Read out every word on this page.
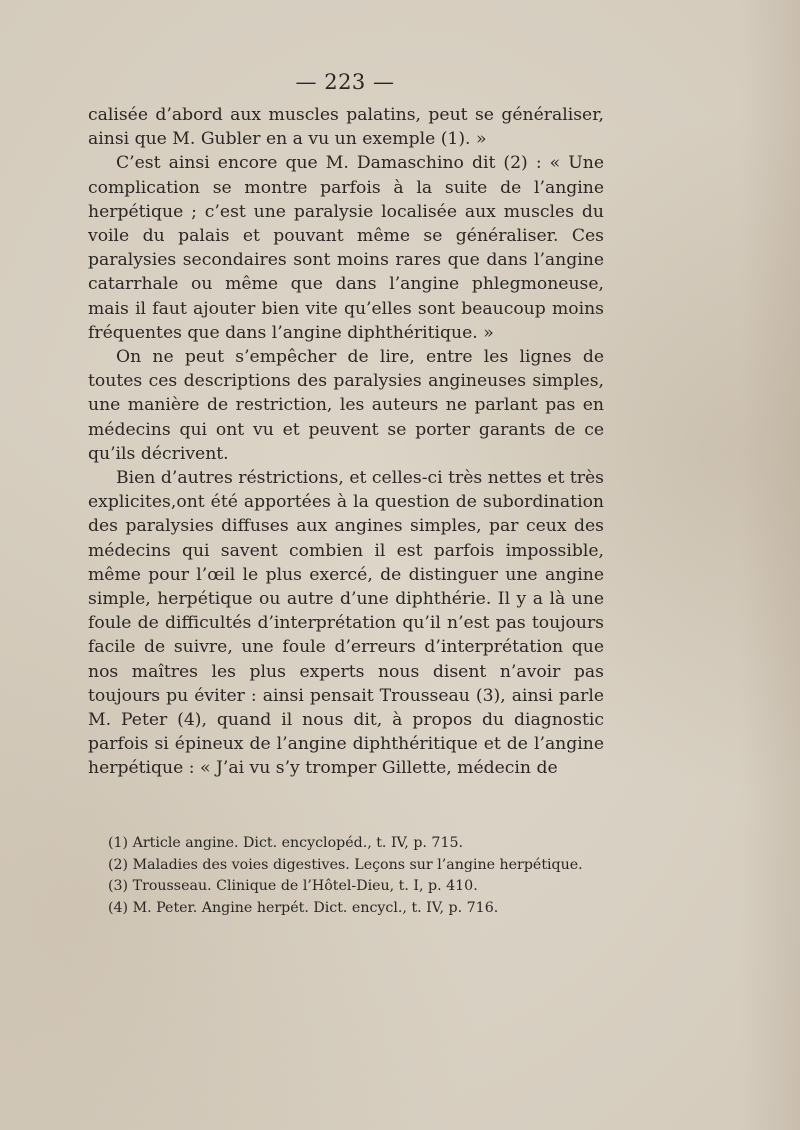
— 223 —

calisée d’abord aux muscles palatins, peut se généraliser, ainsi que M. Gubler en a vu un exemple (1). »

C’est ainsi encore que M. Damaschino dit (2) : « Une complication se montre parfois à la suite de l’angine herpétique ; c’est une paralysie localisée aux muscles du voile du palais et pouvant même se généraliser. Ces paralysies secondaires sont moins rares que dans l’angine catarrhale ou même que dans l’angine phlegmoneuse, mais il faut ajouter bien vite qu’elles sont beaucoup moins fréquentes que dans l’angine diphthéritique. »

On ne peut s’empêcher de lire, entre les lignes de toutes ces descriptions des paralysies angineuses simples, une manière de restriction, les auteurs ne parlant pas en médecins qui ont vu et peuvent se porter garants de ce qu’ils décrivent.

Bien d’autres réstrictions, et celles-ci très nettes et très explicites,ont été apportées à la question de subordination des paralysies diffuses aux angines simples, par ceux des médecins qui savent combien il est parfois impossible, même pour l’œil le plus exercé, de distinguer une angine simple, herpétique ou autre d’une diphthérie. Il y a là une foule de difficultés d’interprétation qu’il n’est pas toujours facile de suivre, une foule d’erreurs d’interprétation que nos maîtres les plus experts nous disent n’avoir pas toujours pu éviter : ainsi pensait Trousseau (3), ainsi parle M. Peter (4), quand il nous dit, à propos du diagnostic parfois si épineux de l’angine diphthéritique et de l’angine herpétique : « J’ai vu s’y tromper Gillette, médecin de

(1) Article angine. Dict. encyclopéd., t. IV, p. 715.
(2) Maladies des voies digestives. Leçons sur l’angine herpétique.
(3) Trousseau. Clinique de l’Hôtel-Dieu, t. I, p. 410.
(4) M. Peter. Angine herpét. Dict. encycl., t. IV, p. 716.
